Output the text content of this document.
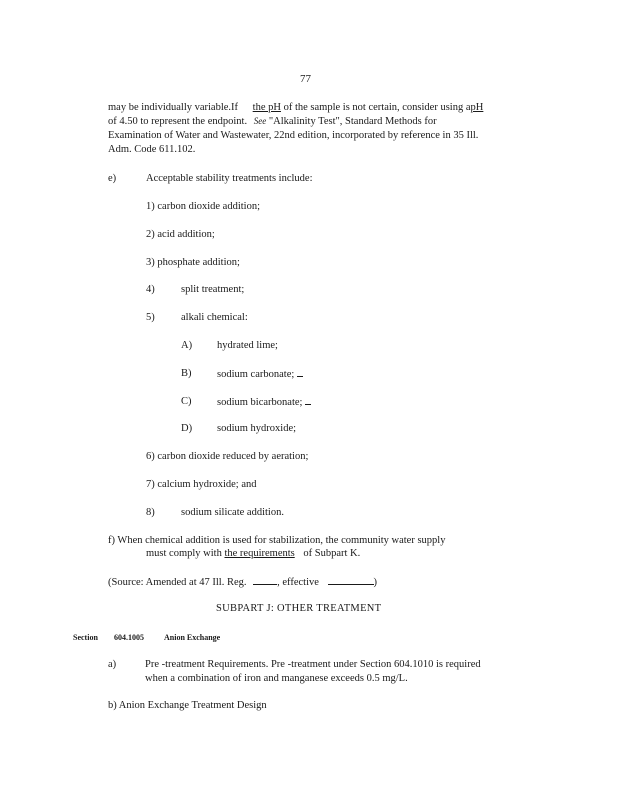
77
may be individually variable.If the pH of the sample is not certain, consider using apH
of 4.50 to represent the endpoint. See "Alkalinity Test", Standard Methods for
Examination of Water and Wastewater, 22nd edition, incorporated by reference in 35 Ill.
Adm. Code 611.102.
e)	Acceptable stability treatments include:
1) carbon dioxide addition;
2) acid addition;
3) phosphate addition;
4)	split treatment;
5)	alkali chemical:
A) hydrated lime;
B) sodium carbonate;
C) sodium bicarbonate;
D) sodium hydroxide;
6) carbon dioxide reduced by aeration;
7) calcium hydroxide; and
8)	sodium silicate addition.
f) When chemical addition is used for stabilization, the community water supply
must comply with the requirements of Subpart K.
(Source: Amended at 47 Ill. Reg.	, effective	)
SUBPART J: OTHER TREATMENT
Section 604.1005	Anion Exchange
a)	Pre -treatment Requirements. Pre -treatment under Section 604.1010 is required
when a combination of iron and manganese exceeds 0.5 mg/L.
b) Anion Exchange Treatment Design
